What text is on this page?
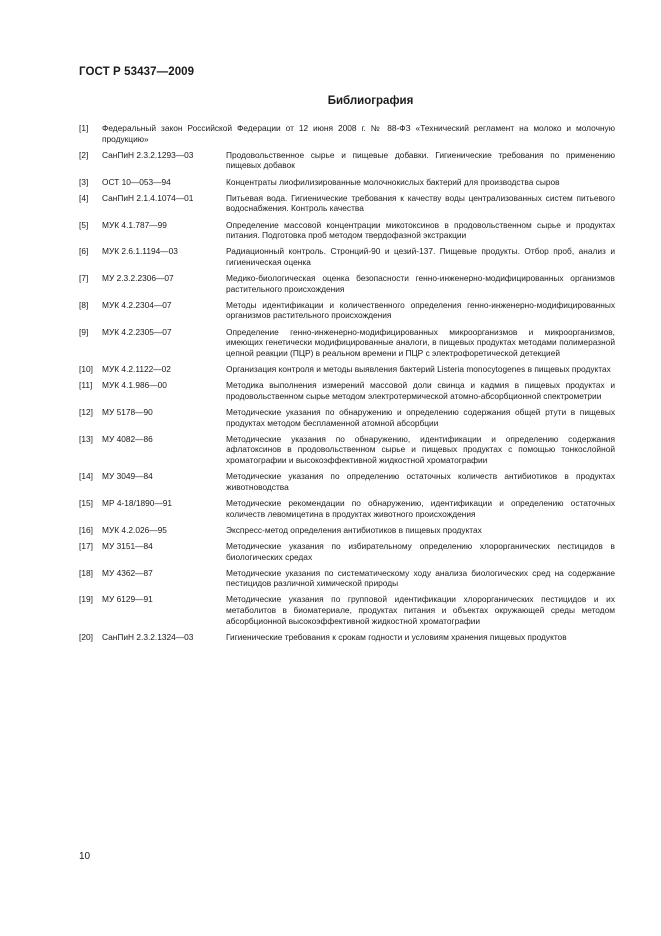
ГОСТ Р 53437—2009
Библиография
[1]	Федеральный закон Российской Федерации от 12 июня 2008 г. № 88-ФЗ «Технический регламент на молоко и молочную продукцию»
[2]	СанПиН 2.3.2.1293—03	Продовольственное сырье и пищевые добавки. Гигиенические требования по применению пищевых добавок
[3]	ОСТ 10—053—94	Концентраты лиофилизированные молочнокислых бактерий для производства сыров
[4]	СанПиН 2.1.4.1074—01	Питьевая вода. Гигиенические требования к качеству воды централизованных систем питьевого водоснабжения. Контроль качества
[5]	МУК 4.1.787—99	Определение массовой концентрации микотоксинов в продовольственном сырье и продуктах питания. Подготовка проб методом твердофазной экстракции
[6]	МУК 2.6.1.1194—03	Радиационный контроль. Стронций-90 и цезий-137. Пищевые продукты. Отбор проб, анализ и гигиеническая оценка
[7]	МУ 2.3.2.2306—07	Медико-биологическая оценка безопасности генно-инженерно-модифицированных организмов растительного происхождения
[8]	МУК 4.2.2304—07	Методы идентификации и количественного определения генно-инженерно-модифицированных организмов растительного происхождения
[9]	МУК 4.2.2305—07	Определение генно-инженерно-модифицированных микроорганизмов и микроорганизмов, имеющих генетически модифицированные аналоги, в пищевых продуктах методами полимеразной цепной реакции (ПЦР) в реальном времени и ПЦР с электрофоретической детекцией
[10]	МУК 4.2.1122—02	Организация контроля и методы выявления бактерий Listeria monocytogenes в пищевых продуктах
[11]	МУК 4.1.986—00	Методика выполнения измерений массовой доли свинца и кадмия в пищевых продуктах и продовольственном сырье методом электротермической атомно-абсорбционной спектрометрии
[12]	МУ 5178—90	Методические указания по обнаружению и определению содержания общей ртути в пищевых продуктах методом беспламенной атомной абсорбции
[13]	МУ 4082—86	Методические указания по обнаружению, идентификации и определению содержания афлатоксинов в продовольственном сырье и пищевых продуктах с помощью тонкослойной хроматографии и высокоэффективной жидкостной хроматографии
[14]	МУ 3049—84	Методические указания по определению остаточных количеств антибиотиков в продуктах животноводства
[15]	МР 4-18/1890—91	Методические рекомендации по обнаружению, идентификации и определению остаточных количеств левомицетина в продуктах животного происхождения
[16]	МУК 4.2.026—95	Экспресс-метод определения антибиотиков в пищевых продуктах
[17]	МУ 3151—84	Методические указания по избирательному определению хлорорганических пестицидов в биологических средах
[18]	МУ 4362—87	Методические указания по систематическому ходу анализа биологических сред на содержание пестицидов различной химической природы
[19]	МУ 6129—91	Методические указания по групповой идентификации хлорорганических пестицидов и их метаболитов в биоматериале, продуктах питания и объектах окружающей среды методом абсорбционной высокоэффективной жидкостной хроматографии
[20]	СанПиН 2.3.2.1324—03	Гигиенические требования к срокам годности и условиям хранения пищевых продуктов
10
